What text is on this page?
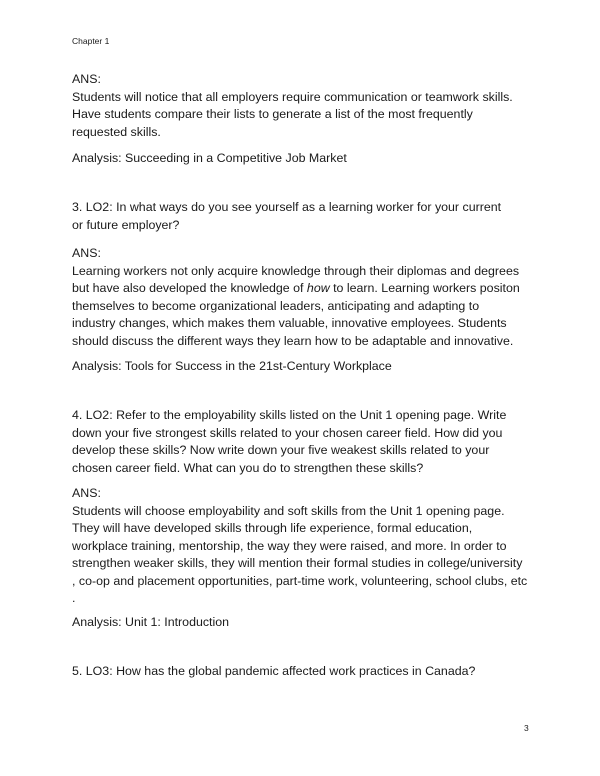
Chapter 1
ANS:
Students will notice that all employers require communication or teamwork skills.
Have students compare their lists to generate a list of the most frequently
requested skills.
Analysis: Succeeding in a Competitive Job Market
3. LO2: In what ways do you see yourself as a learning worker for your current
or future employer?
ANS:
Learning workers not only acquire knowledge through their diplomas and degrees
but have also developed the knowledge of how to learn. Learning workers positon
themselves to become organizational leaders, anticipating and adapting to
industry changes, which makes them valuable, innovative employees. Students
should discuss the different ways they learn how to be adaptable and innovative.
Analysis: Tools for Success in the 21st-Century Workplace
4. LO2: Refer to the employability skills listed on the Unit 1 opening page. Write
down your five strongest skills related to your chosen career field. How did you
develop these skills? Now write down your five weakest skills related to your
chosen career field. What can you do to strengthen these skills?
ANS:
Students will choose employability and soft skills from the Unit 1 opening page.
They will have developed skills through life experience, formal education,
workplace training, mentorship, the way they were raised, and more. In order to
strengthen weaker skills, they will mention their formal studies in college/university
, co-op and placement opportunities, part-time work, volunteering, school clubs, etc
.
Analysis: Unit 1: Introduction
5. LO3: How has the global pandemic affected work practices in Canada?
3
